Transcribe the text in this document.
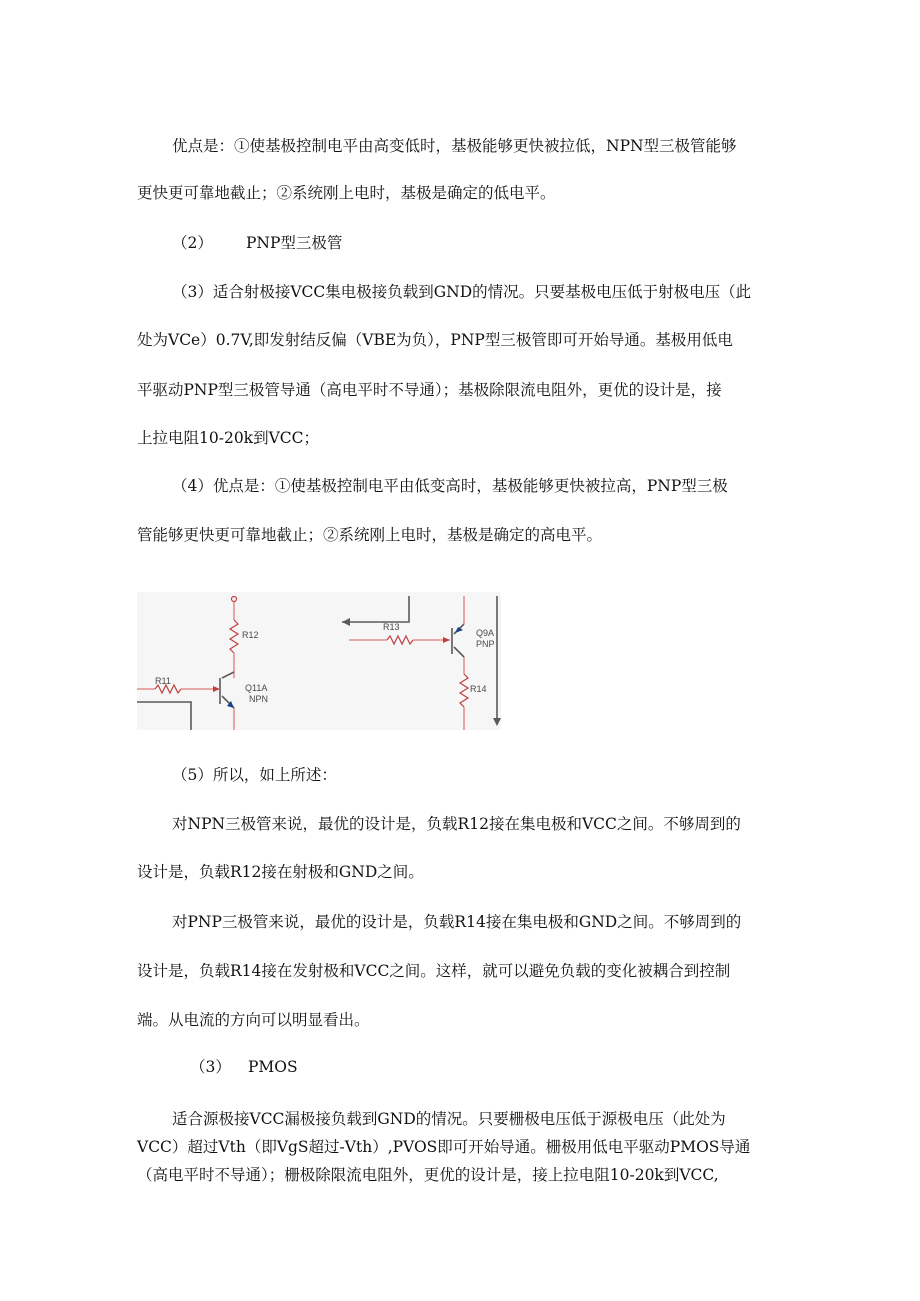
优点是：①使基极控制电平由高变低时，基极能够更快被拉低，NPN型三极管能够
更快更可靠地截止；②系统刚上电时，基极是确定的低电平。
（2） PNP型三极管
（3）适合射极接VCC集电极接负载到GND的情况。只要基极电压低于射极电压（此
处为VCe）0.7V,即发射结反偏（VBE为负），PNP型三极管即可开始导通。基极用低电
平驱动PNP型三极管导通（高电平时不导通）；基极除限流电阻外，更优的设计是，接
上拉电阻10-20k到VCC；
（4）优点是：①使基极控制电平由低变高时，基极能够更快被拉高，PNP型三极
管能够更快更可靠地截止；②系统刚上电时，基极是确定的高电平。
R12
R11
Q11A
NPN
R13
R14
Q9A
PNP
（5）所以，如上所述：
对NPN三极管来说，最优的设计是，负载R12接在集电极和VCC之间。不够周到的
设计是，负载R12接在射极和GND之间。
对PNP三极管来说，最优的设计是，负载R14接在集电极和GND之间。不够周到的
设计是，负载R14接在发射极和VCC之间。这样，就可以避免负载的变化被耦合到控制
端。从电流的方向可以明显看出。
（3） PMOS
适合源极接VCC漏极接负载到GND的情况。只要栅极电压低于源极电压（此处为
VCC）超过Vth（即VgS超过-Vth）,PVOS即可开始导通。栅极用低电平驱动PMOS导通
（高电平时不导通）；栅极除限流电阻外，更优的设计是，接上拉电阻10-20k到VCC,
